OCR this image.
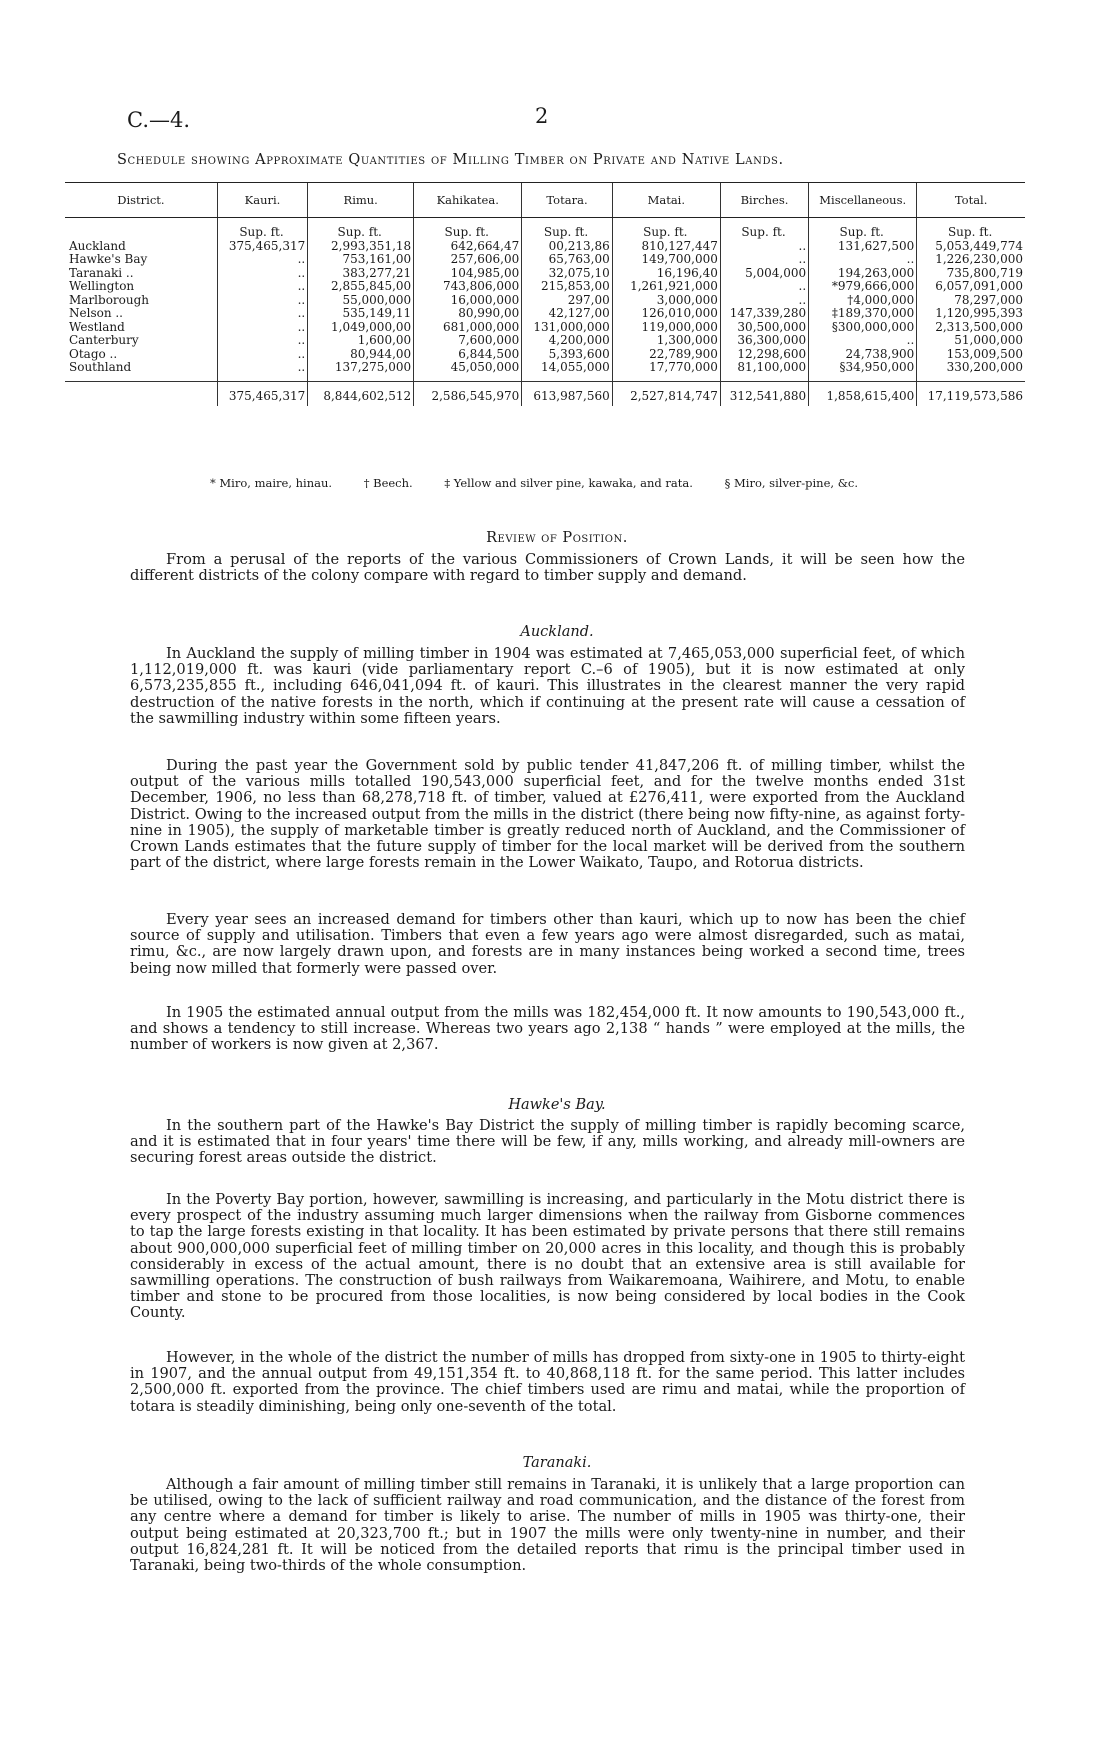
C.—4.	2
Schedule showing Approximate Quantities of Milling Timber on Private and Native Lands.
District.	Kauri.	Rimu.	Kahikatea.	Totara.	Matai.	Birches.	Miscellaneous.	Total.
	Sup. ft.	Sup. ft.	Sup. ft.	Sup. ft.	Sup. ft.	Sup. ft.	Sup. ft.	Sup. ft.
Auckland	375,465,317	2,993,351,18	642,664,47	00,213,86	810,127,447	..	131,627,500	5,053,449,774
Hawke's Bay	..	753,161,00	257,606,00	65,763,00	149,700,000	..	..	1,226,230,000
Taranaki ..	..	383,277,21	104,985,00	32,075,10	16,196,40	5,004,000	194,263,000	735,800,719
Wellington	..	2,855,845,00	743,806,000	215,853,00	1,261,921,000	..	*979,666,000	6,057,091,000
Marlborough	..	55,000,000	16,000,000	297,00	3,000,000	..	†4,000,000	78,297,000
Nelson ..	..	535,149,11	80,990,00	42,127,00	126,010,000	147,339,280	‡189,370,000	1,120,995,393
Westland	..	1,049,000,00	681,000,000	131,000,000	119,000,000	30,500,000	§300,000,000	2,313,500,000
Canterbury	..	1,600,00	7,600,000	4,200,000	1,300,000	36,300,000	..	51,000,000
Otago ..	..	80,944,00	6,844,500	5,393,600	22,789,900	12,298,600	24,738,900	153,009,500
Southland	..	137,275,000	45,050,000	14,055,000	17,770,000	81,100,000	§34,950,000	330,200,000

	375,465,317	8,844,602,512	2,586,545,970	613,987,560	2,527,814,747	312,541,880	1,858,615,400	17,119,573,586
* Miro, maire, hinau.	† Beech.	‡ Yellow and silver pine, kawaka, and rata.	§ Miro, silver-pine, &c.
Review of Position.

From a perusal of the reports of the various Commissioners of Crown Lands, it will be seen how the different districts of the colony compare with regard to timber supply and demand.

Auckland.

In Auckland the supply of milling timber in 1904 was estimated at 7,465,053,000 superficial feet, of which 1,112,019,000 ft. was kauri (vide parliamentary report C.–6 of 1905), but it is now estimated at only 6,573,235,855 ft., including 646,041,094 ft. of kauri. This illustrates in the clearest manner the very rapid destruction of the native forests in the north, which if continuing at the present rate will cause a cessation of the sawmilling industry within some fifteen years.

During the past year the Government sold by public tender 41,847,206 ft. of milling timber, whilst the output of the various mills totalled 190,543,000 superficial feet, and for the twelve months ended 31st December, 1906, no less than 68,278,718 ft. of timber, valued at £276,411, were exported from the Auckland District. Owing to the increased output from the mills in the district (there being now fifty-nine, as against forty-nine in 1905), the supply of marketable timber is greatly reduced north of Auckland, and the Commissioner of Crown Lands estimates that the future supply of timber for the local market will be derived from the southern part of the district, where large forests remain in the Lower Waikato, Taupo, and Rotorua districts.

Every year sees an increased demand for timbers other than kauri, which up to now has been the chief source of supply and utilisation. Timbers that even a few years ago were almost disregarded, such as matai, rimu, &c., are now largely drawn upon, and forests are in many instances being worked a second time, trees being now milled that formerly were passed over.

In 1905 the estimated annual output from the mills was 182,454,000 ft. It now amounts to 190,543,000 ft., and shows a tendency to still increase. Whereas two years ago 2,138 “ hands ” were employed at the mills, the number of workers is now given at 2,367.

Hawke's Bay.

In the southern part of the Hawke's Bay District the supply of milling timber is rapidly becoming scarce, and it is estimated that in four years' time there will be few, if any, mills working, and already mill-owners are securing forest areas outside the district.

In the Poverty Bay portion, however, sawmilling is increasing, and particularly in the Motu district there is every prospect of the industry assuming much larger dimensions when the railway from Gisborne commences to tap the large forests existing in that locality. It has been estimated by private persons that there still remains about 900,000,000 superficial feet of milling timber on 20,000 acres in this locality, and though this is probably considerably in excess of the actual amount, there is no doubt that an extensive area is still available for sawmilling operations. The construction of bush railways from Waikaremoana, Waihirere, and Motu, to enable timber and stone to be procured from those localities, is now being considered by local bodies in the Cook County.

However, in the whole of the district the number of mills has dropped from sixty-one in 1905 to thirty-eight in 1907, and the annual output from 49,151,354 ft. to 40,868,118 ft. for the same period. This latter includes 2,500,000 ft. exported from the province. The chief timbers used are rimu and matai, while the proportion of totara is steadily diminishing, being only one-seventh of the total.

Taranaki.

Although a fair amount of milling timber still remains in Taranaki, it is unlikely that a large proportion can be utilised, owing to the lack of sufficient railway and road communication, and the distance of the forest from any centre where a demand for timber is likely to arise. The number of mills in 1905 was thirty-one, their output being estimated at 20,323,700 ft.; but in 1907 the mills were only twenty-nine in number, and their output 16,824,281 ft. It will be noticed from the detailed reports that rimu is the principal timber used in Taranaki, being two-thirds of the whole consumption.
